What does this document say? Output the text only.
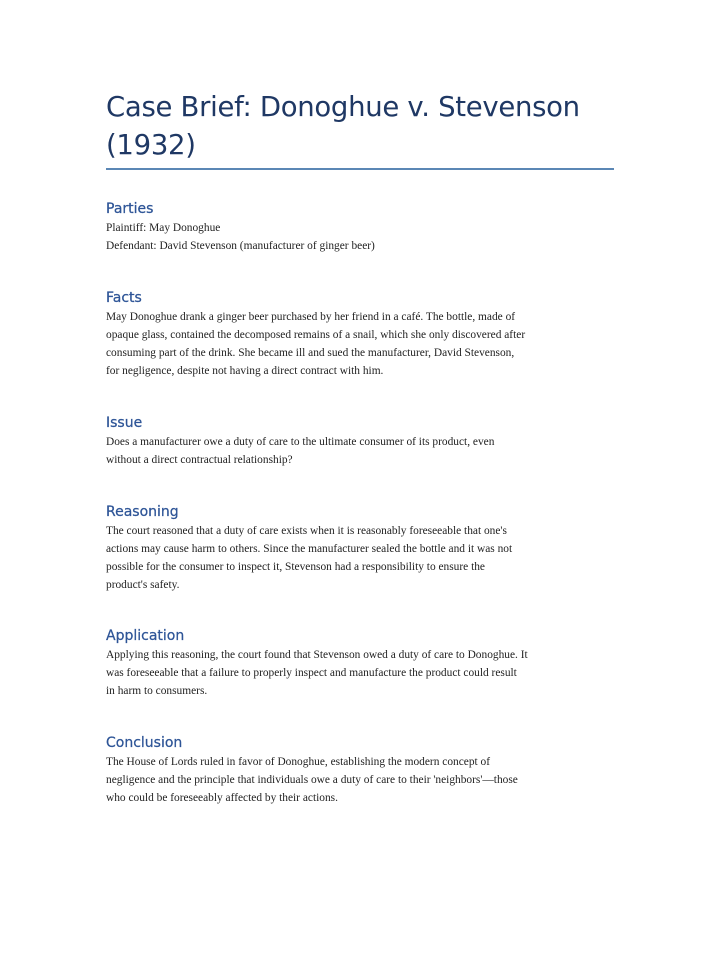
Case Brief: Donoghue v. Stevenson
(1932)
Parties
Plaintiff: May Donoghue
Defendant: David Stevenson (manufacturer of ginger beer)
Facts
May Donoghue drank a ginger beer purchased by her friend in a café. The bottle, made of
opaque glass, contained the decomposed remains of a snail, which she only discovered after
consuming part of the drink. She became ill and sued the manufacturer, David Stevenson,
for negligence, despite not having a direct contract with him.
Issue
Does a manufacturer owe a duty of care to the ultimate consumer of its product, even
without a direct contractual relationship?
Reasoning
The court reasoned that a duty of care exists when it is reasonably foreseeable that one's
actions may cause harm to others. Since the manufacturer sealed the bottle and it was not
possible for the consumer to inspect it, Stevenson had a responsibility to ensure the
product's safety.
Application
Applying this reasoning, the court found that Stevenson owed a duty of care to Donoghue. It
was foreseeable that a failure to properly inspect and manufacture the product could result
in harm to consumers.
Conclusion
The House of Lords ruled in favor of Donoghue, establishing the modern concept of
negligence and the principle that individuals owe a duty of care to their 'neighbors'—those
who could be foreseeably affected by their actions.
